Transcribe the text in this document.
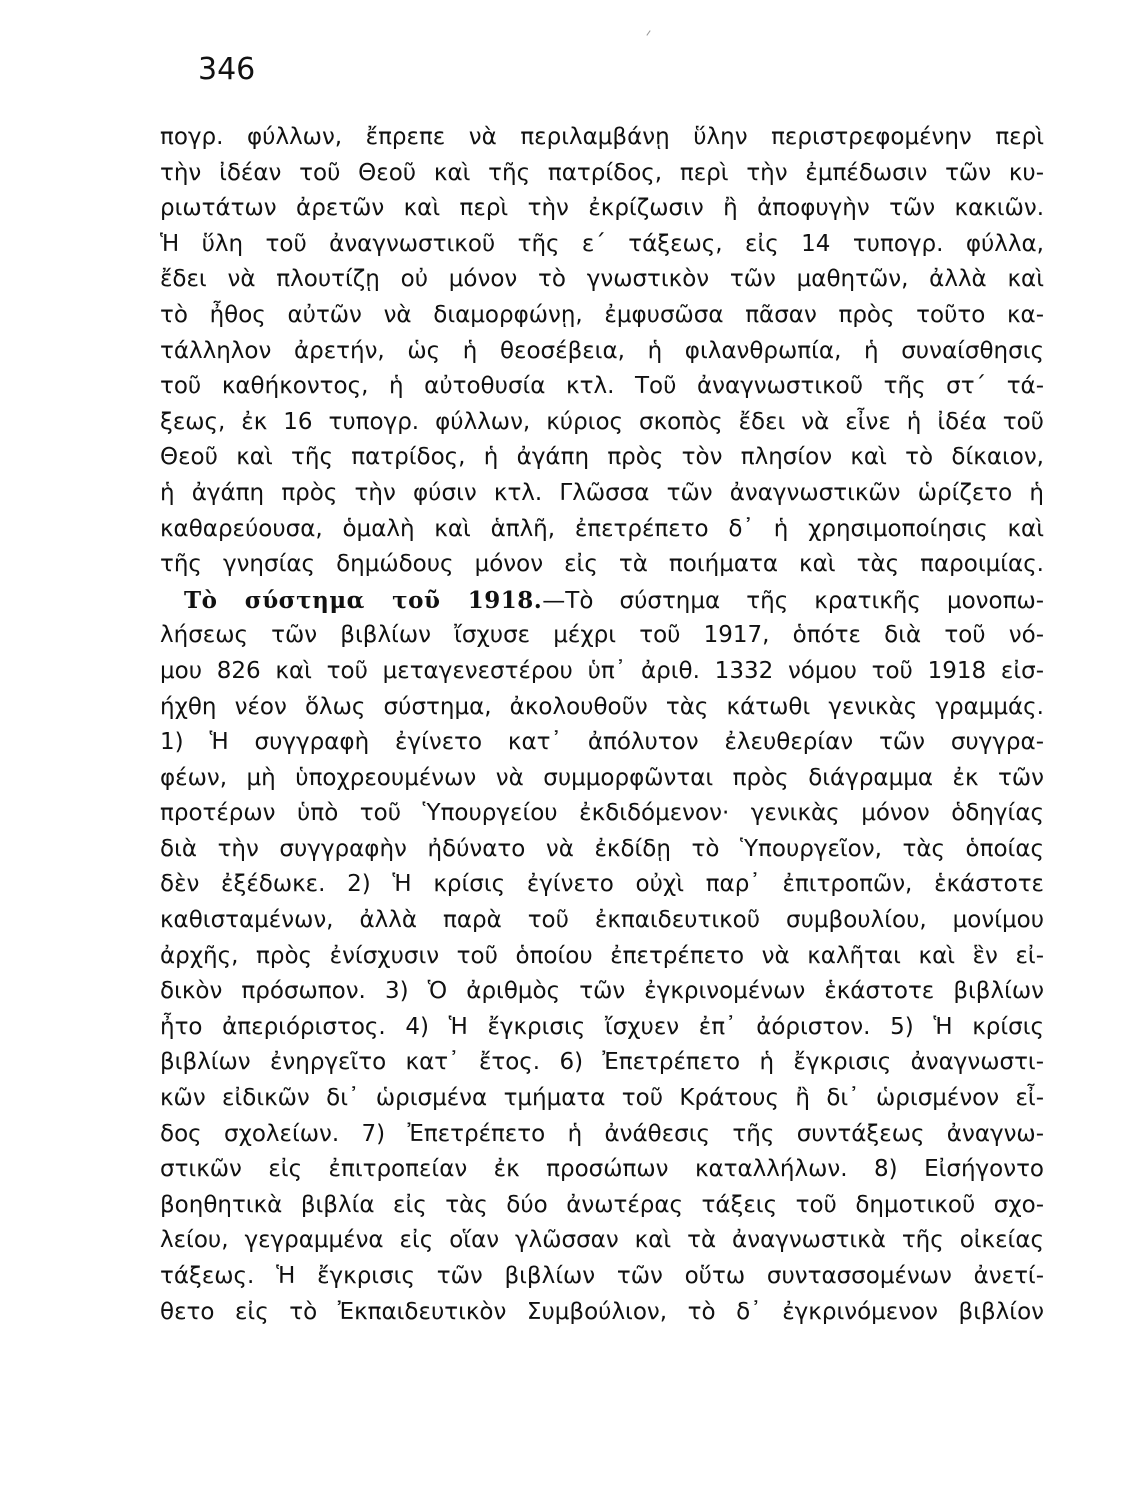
346
πογρ. φύλλων, ἔπρεπε νὰ περιλαμβάνῃ ὕλην περιστρεφομένην περὶ
τὴν ἰδέαν τοῦ Θεοῦ καὶ τῆς πατρίδος, περὶ τὴν ἐμπέδωσιν τῶν κυ-
ριωτάτων ἀρετῶν καὶ περὶ τὴν ἐκρίζωσιν ἢ ἀποφυγὴν τῶν κακιῶν.
Ἡ ὕλη τοῦ ἀναγνωστικοῦ τῆς ε΄ τάξεως, εἰς 14 τυπογρ. φύλλα,
ἔδει νὰ πλουτίζῃ οὐ μόνον τὸ γνωστικὸν τῶν μαθητῶν, ἀλλὰ καὶ
τὸ ἦθος αὐτῶν νὰ διαμορφώνῃ, ἐμφυσῶσα πᾶσαν πρὸς τοῦτο κα-
τάλληλον ἀρετήν, ὡς ἡ θεοσέβεια, ἡ φιλανθρωπία, ἡ συναίσθησις
τοῦ καθήκοντος, ἡ αὐτοθυσία κτλ. Τοῦ ἀναγνωστικοῦ τῆς στ΄ τά-
ξεως, ἐκ 16 τυπογρ. φύλλων, κύριος σκοπὸς ἔδει νὰ εἶνε ἡ ἰδέα τοῦ
Θεοῦ καὶ τῆς πατρίδος, ἡ ἀγάπη πρὸς τὸν πλησίον καὶ τὸ δίκαιον,
ἡ ἀγάπη πρὸς τὴν φύσιν κτλ. Γλῶσσα τῶν ἀναγνωστικῶν ὡρίζετο ἡ
καθαρεύουσα, ὁμαλὴ καὶ ἁπλῆ, ἐπετρέπετο δ᾽ ἡ χρησιμοποίησις καὶ
τῆς γνησίας δημώδους μόνον εἰς τὰ ποιήματα καὶ τὰς παροιμίας.
Τὸ σύστημα τοῦ 1918.—Τὸ σύστημα τῆς κρατικῆς μονοπω-
λήσεως τῶν βιβλίων ἴσχυσε μέχρι τοῦ 1917, ὁπότε διὰ τοῦ νό-
μου 826 καὶ τοῦ μεταγενεστέρου ὑπ᾽ ἀριθ. 1332 νόμου τοῦ 1918 εἰσ-
ήχθη νέον ὅλως σύστημα, ἀκολουθοῦν τὰς κάτωθι γενικὰς γραμμάς.
1) Ἡ συγγραφὴ ἐγίνετο κατ᾽ ἀπόλυτον ἐλευθερίαν τῶν συγγρα-
φέων, μὴ ὑποχρεουμένων νὰ συμμορφῶνται πρὸς διάγραμμα ἐκ τῶν
προτέρων ὑπὸ τοῦ Ὑπουργείου ἐκδιδόμενον· γενικὰς μόνον ὁδηγίας
διὰ τὴν συγγραφὴν ἠδύνατο νὰ ἐκδίδῃ τὸ Ὑπουργεῖον, τὰς ὁποίας
δὲν ἐξέδωκε. 2) Ἡ κρίσις ἐγίνετο οὐχὶ παρ᾽ ἐπιτροπῶν, ἑκάστοτε
καθισταμένων, ἀλλὰ παρὰ τοῦ ἐκπαιδευτικοῦ συμβουλίου, μονίμου
ἀρχῆς, πρὸς ἐνίσχυσιν τοῦ ὁποίου ἐπετρέπετο νὰ καλῆται καὶ ἓν εἰ-
δικὸν πρόσωπον. 3) Ὁ ἀριθμὸς τῶν ἐγκρινομένων ἑκάστοτε βιβλίων
ἦτο ἀπεριόριστος. 4) Ἡ ἔγκρισις ἴσχυεν ἐπ᾽ ἀόριστον. 5) Ἡ κρίσις
βιβλίων ἐνηργεῖτο κατ᾽ ἔτος. 6) Ἐπετρέπετο ἡ ἔγκρισις ἀναγνωστι-
κῶν εἰδικῶν δι᾽ ὡρισμένα τμήματα τοῦ Κράτους ἢ δι᾽ ὡρισμένον εἶ-
δος σχολείων. 7) Ἐπετρέπετο ἡ ἀνάθεσις τῆς συντάξεως ἀναγνω-
στικῶν εἰς ἐπιτροπείαν ἐκ προσώπων καταλλήλων. 8) Εἰσήγοντο
βοηθητικὰ βιβλία εἰς τὰς δύο ἀνωτέρας τάξεις τοῦ δημοτικοῦ σχο-
λείου, γεγραμμένα εἰς οἵαν γλῶσσαν καὶ τὰ ἀναγνωστικὰ τῆς οἰκείας
τάξεως. Ἡ ἔγκρισις τῶν βιβλίων τῶν οὕτω συντασσομένων ἀνετί-
θετο εἰς τὸ Ἐκπαιδευτικὸν Συμβούλιον, τὸ δ᾽ ἐγκρινόμενον βιβλίον
